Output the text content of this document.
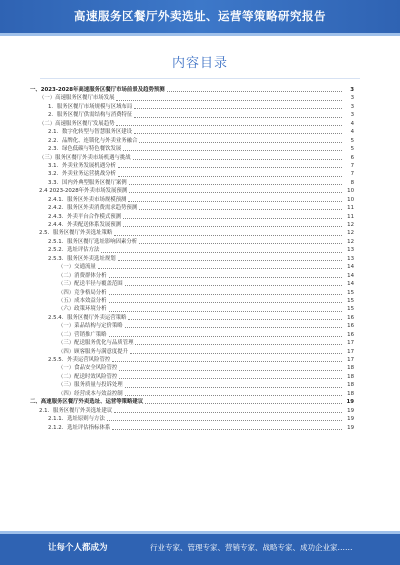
高速服务区餐厅外卖选址、运营等策略研究报告
内容目录
一、2023-2028年高速服务区餐厅市场前景及趋势预测	3
（一）高速服务区餐厅市场发展	3
1．服务区餐厅市场规模与区域布局	3
2．服务区餐厅供需结构与消费特征	3
（二）高速服务区餐厅发展趋势	4
2.1．数字化转型与智慧服务区建设	4
2.2．品牌化、连锁化与外卖业务融合	5
2.3．绿色低碳与特色餐饮发展	5
（三）服务区餐厅外卖市场机遇与挑战	6
3.1．外卖业务发展机遇分析	7
3.2．外卖业务运营挑战分析	7
3.3．国内外典型服务区餐厅案例	8
2.4 2023-2028年外卖市场发展预测	10
2.4.1．服务区外卖市场规模预测	10
2.4.2．服务区外卖消费需求趋势预测	11
2.4.3．外卖平台合作模式预测	11
2.4.4．外卖配送体系发展预测	12
2.5．服务区餐厅外卖选址策略	12
2.5.1．服务区餐厅选址影响因素分析	12
2.5.2．选址评估方法	13
2.5.3．服务区外卖选址规划	13
（一）交通流量	14
（二）消费群体分析	14
（三）配送半径与覆盖范围	14
（四）竞争格局分析	15
（五）成本效益分析	15
（六）政策环境分析	15
2.5.4．服务区餐厅外卖运营策略	16
（一）菜品结构与定价策略	16
（二）营销推广策略	16
（三）配送服务优化与品质管理	17
（四）顾客服务与满意度提升	17
2.5.5．外卖运营风险管控	17
（一）食品安全风险管控	18
（二）配送时效风险管控	18
（三）服务质量与投诉处理	18
（四）经营成本与效益控制	18
二、高速服务区餐厅外卖选址、运营等策略建议	19
2.1．服务区餐厅外卖选址建议	19
2.1.1．选址原则与方法	19
2.1.2．选址评估指标体系	19
让每个人都成为	行业专家、管理专家、营销专家、战略专家、成功企业家……
